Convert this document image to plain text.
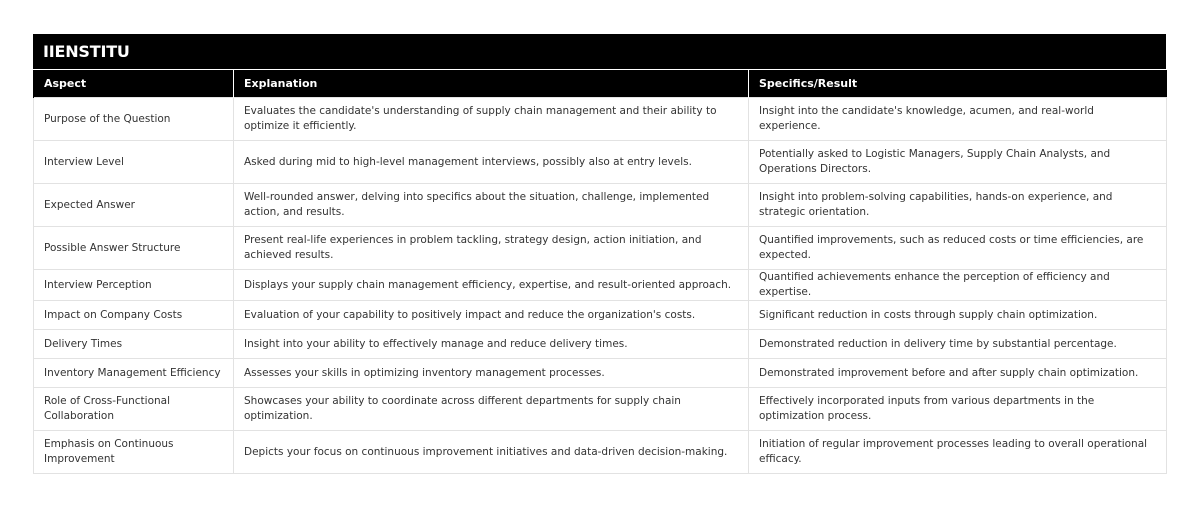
IIENSTITU
Aspect	Explanation	Specifics/Result
Purpose of the Question	Evaluates the candidate's understanding of supply chain management and their ability to optimize it efficiently.	Insight into the candidate's knowledge, acumen, and real-world experience.
Interview Level	Asked during mid to high-level management interviews, possibly also at entry levels.	Potentially asked to Logistic Managers, Supply Chain Analysts, and Operations Directors.
Expected Answer	Well-rounded answer, delving into specifics about the situation, challenge, implemented action, and results.	Insight into problem-solving capabilities, hands-on experience, and strategic orientation.
Possible Answer Structure	Present real-life experiences in problem tackling, strategy design, action initiation, and achieved results.	Quantified improvements, such as reduced costs or time efficiencies, are expected.
Interview Perception	Displays your supply chain management efficiency, expertise, and result-oriented approach.	Quantified achievements enhance the perception of efficiency and expertise.
Impact on Company Costs	Evaluation of your capability to positively impact and reduce the organization's costs.	Significant reduction in costs through supply chain optimization.
Delivery Times	Insight into your ability to effectively manage and reduce delivery times.	Demonstrated reduction in delivery time by substantial percentage.
Inventory Management Efficiency	Assesses your skills in optimizing inventory management processes.	Demonstrated improvement before and after supply chain optimization.
Role of Cross-Functional Collaboration	Showcases your ability to coordinate across different departments for supply chain optimization.	Effectively incorporated inputs from various departments in the optimization process.
Emphasis on Continuous Improvement	Depicts your focus on continuous improvement initiatives and data-driven decision-making.	Initiation of regular improvement processes leading to overall operational efficacy.
